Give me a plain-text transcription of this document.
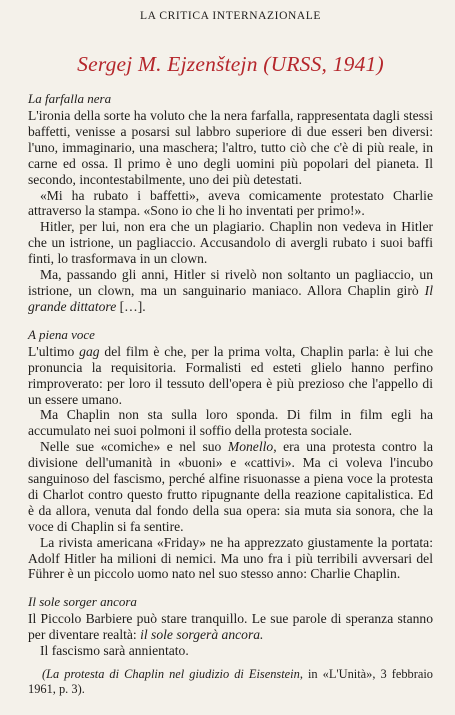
LA CRITICA INTERNAZIONALE
Sergej M. Ejzenštejn (URSS, 1941)
La farfalla nera

L'ironia della sorte ha voluto che la nera farfalla, rappresentata dagli stessi baffetti, venisse a posarsi sul labbro superiore di due esseri ben diversi: l'uno, immaginario, una maschera; l'altro, tutto ciò che c'è di più reale, in carne ed ossa. Il primo è uno degli uomini più popolari del pianeta. Il secondo, incontestabilmente, uno dei più detestati.

«Mi ha rubato i baffetti», aveva comicamente protestato Charlie attraverso la stampa. «Sono io che li ho inventati per primo!».

Hitler, per lui, non era che un plagiario. Chaplin non vedeva in Hitler che un istrione, un pagliaccio. Accusandolo di avergli rubato i suoi baffi finti, lo trasformava in un clown.

Ma, passando gli anni, Hitler si rivelò non soltanto un pagliaccio, un istrione, un clown, ma un sanguinario maniaco. Allora Chaplin girò Il grande dittatore […].

A piena voce

L'ultimo gag del film è che, per la prima volta, Chaplin parla: è lui che pronuncia la requisitoria. Formalisti ed esteti glielo hanno perfino rimproverato: per loro il tessuto dell'opera è più prezioso che l'appello di un essere umano.

Ma Chaplin non sta sulla loro sponda. Di film in film egli ha accumulato nei suoi polmoni il soffio della protesta sociale.

Nelle sue «comiche» e nel suo Monello, era una protesta contro la divisione dell'umanità in «buoni» e «cattivi». Ma ci voleva l'incubo sanguinoso del fascismo, perché alfine risuonasse a piena voce la protesta di Charlot contro questo frutto ripugnante della reazione capitalistica. Ed è da allora, venuta dal fondo della sua opera: sia muta sia sonora, che la voce di Chaplin si fa sentire.

La rivista americana «Friday» ne ha apprezzato giustamente la portata: Adolf Hitler ha milioni di nemici. Ma uno fra i più terribili avversari del Führer è un piccolo uomo nato nel suo stesso anno: Charlie Chaplin.

Il sole sorger ancora

Il Piccolo Barbiere può stare tranquillo. Le sue parole di speranza stanno per diventare realtà: il sole sorgerà ancora.

Il fascismo sarà annientato.

(La protesta di Chaplin nel giudizio di Eisenstein, in «L'Unità», 3 febbraio 1961, p. 3).
